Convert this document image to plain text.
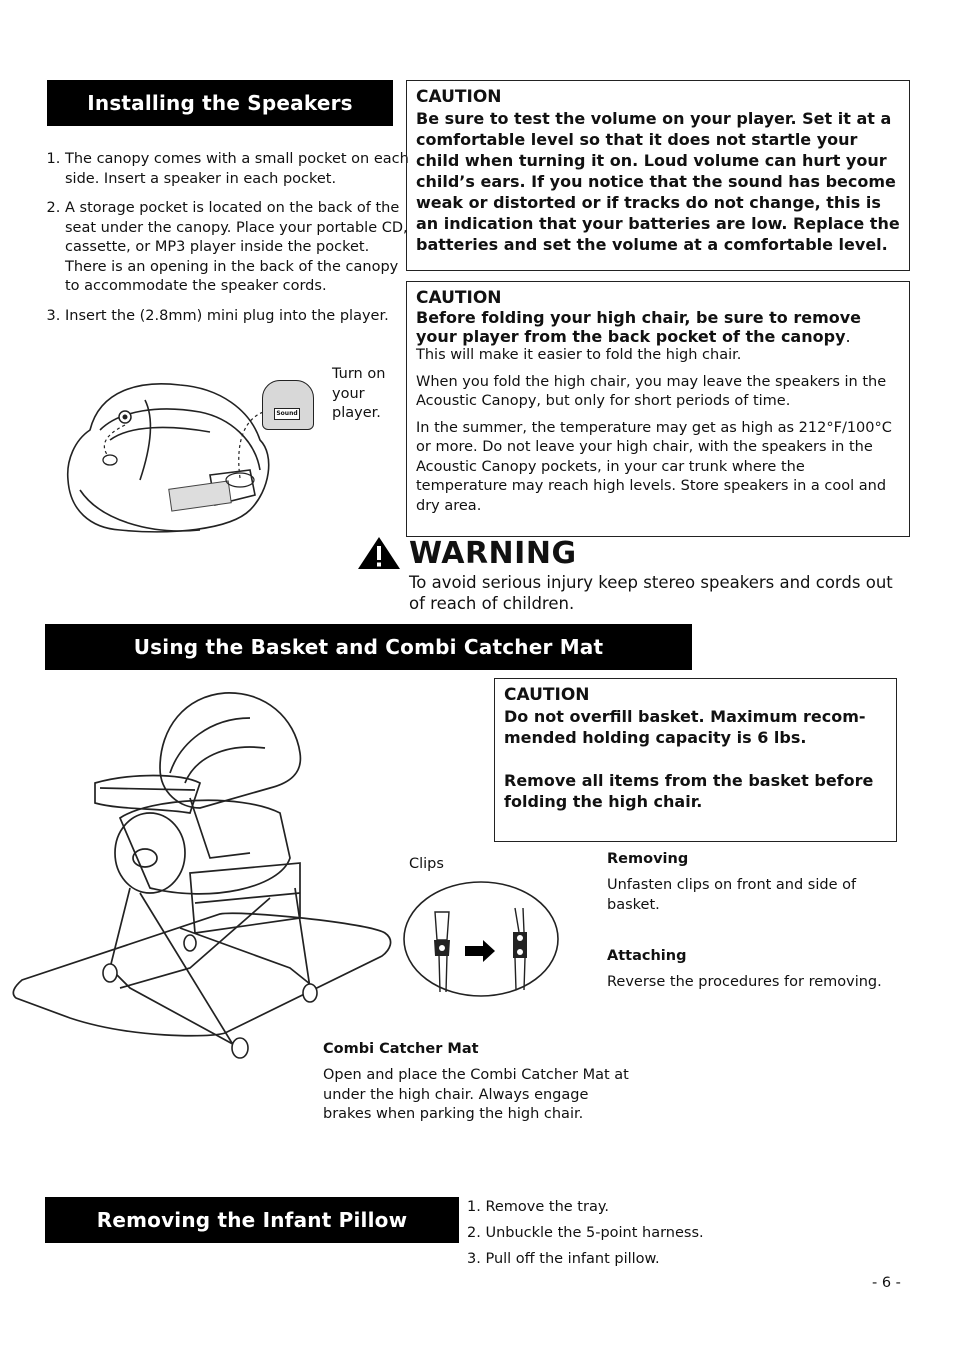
Installing the Speakers
1. The canopy comes with a small pocket on each side. Insert a speaker in each pocket.
2. A storage pocket is located on the back of the seat under the canopy. Place your portable CD, cassette, or MP3 player inside the pocket. There is an opening in the back of the canopy to accommodate the speaker cords.
3. Insert the (2.8mm) mini plug into the player.
Turn on your player.
Sound
CAUTION
Be sure to test the volume on your player. Set it at a comfortable level so that it does not startle your child when turning it on. Loud volume can hurt your child’s ears. If you notice that the sound has become weak or distorted or if tracks do not change, this is an indication that your batteries are low. Replace the batteries and set the volume at a comfortable level.
CAUTION
Before folding your high chair, be sure to remove your player from the back pocket of the canopy.

This will make it easier to fold the high chair.

When you fold the high chair, you may leave the speakers in the Acoustic Canopy, but only for short periods of time.

In the summer, the temperature may get as high as 212°F/100°C or more. Do not leave your high chair, with the speakers in the Acoustic Canopy pockets, in your car trunk where the temperature may reach high levels. Store speakers in a cool and dry area.

WARNING
To avoid serious injury keep stereo speakers and cords out of reach of children.
Using the Basket and Combi Catcher Mat
CAUTION
Do not overfill basket. Maximum recom-mended holding capacity is 6 lbs.
Remove all items from the basket before folding the high chair.
Clips	Removing
Unfasten clips on front and side of basket.
Attaching
Reverse the procedures for removing.
Combi Catcher Mat
Open and place the Combi Catcher Mat at under the high chair. Always engage brakes when parking the high chair.
Removing the Infant Pillow
1. Remove the tray.
2. Unbuckle the 5-point harness.
3. Pull off the infant pillow.
- 6 -
